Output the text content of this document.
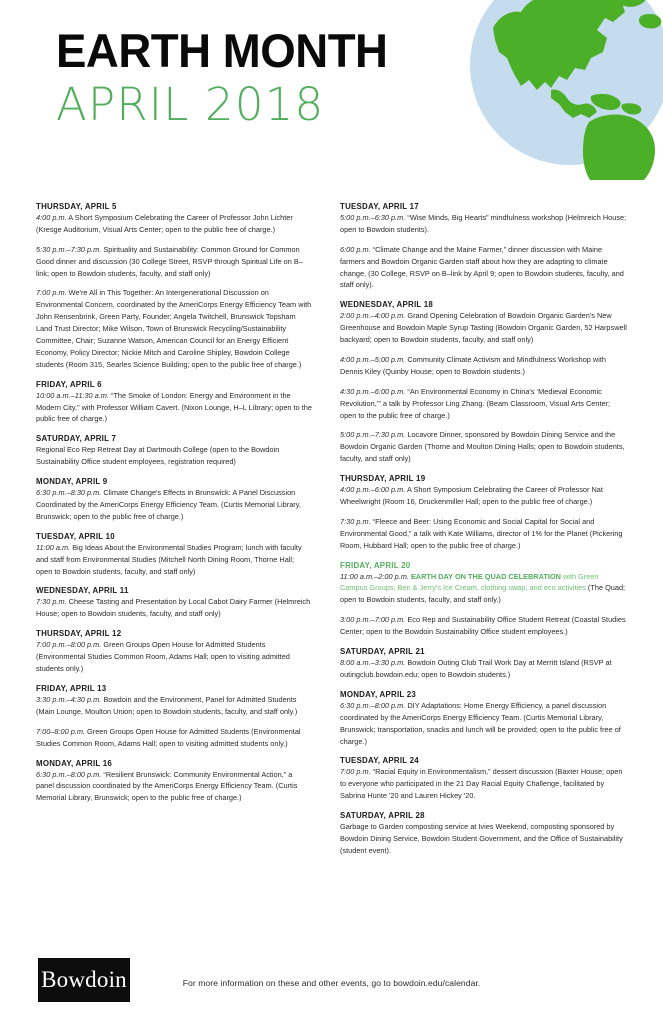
EARTH MONTH
APRIL 2018
THURSDAY, APRIL 5
4:00 p.m. A Short Symposium Celebrating the Career of Professor John Lichter (Kresge Auditorium, Visual Arts Center; open to the public free of charge.)
5:30 p.m.–7:30 p.m. Spirituality and Sustainability: Common Ground for Common Good dinner and discussion (30 College Street, RSVP through Spiritual Life on B–link; open to Bowdoin students, faculty, and staff only)
7:00 p.m. We're All in This Together: An Intergenerational Discussion on Environmental Concern, coordinated by the AmeriCorps Energy Efficiency Team with John Rensenbrink, Green Party, Founder; Angela Twitchell, Brunswick Topsham Land Trust Director; Mike Wilson, Town of Brunswick Recycling/Sustainability Committee, Chair; Suzanne Watson, American Council for an Energy Efficient Economy, Policy Director; Nickie Mitch and Caroline Shipley, Bowdoin College students (Room 315, Searles Science Building; open to the public free of charge.)
FRIDAY, APRIL 6
10:00 a.m.–11:30 a.m. “The Smoke of London: Energy and Environment in the Modern City,” with Professor William Cavert. (Nixon Lounge, H–L Library; open to the public free of charge.)
SATURDAY, APRIL 7
Regional Eco Rep Retreat Day at Dartmouth College (open to the Bowdoin Sustainability Office student employees, registration required)
MONDAY, APRIL 9
6:30 p.m.–8:30 p.m. Climate Change's Effects in Brunswick: A Panel Discussion Coordinated by the AmeriCorps Energy Efficiency Team. (Curtis Memorial Library, Brunswick; open to the public free of charge.)
TUESDAY, APRIL 10
11:00 a.m. Big Ideas About the Environmental Studies Program; lunch with faculty and staff from Environmental Studies (Mitchell North Dining Room, Thorne Hall; open to Bowdoin students, faculty, and staff only)
WEDNESDAY, APRIL 11
7:30 p.m. Cheese Tasting and Presentation by Local Cabot Dairy Farmer (Helmreich House; open to Bowdoin students, faculty, and staff only)
THURSDAY, APRIL 12
7:00 p.m.–8:00 p.m. Green Groups Open House for Admitted Students (Environmental Studies Common Room, Adams Hall; open to visiting admitted students only.)
FRIDAY, APRIL 13
3:30 p.m.–4:30 p.m. Bowdoin and the Environment, Panel for Admitted Students (Main Lounge, Moulton Union; open to Bowdoin students, faculty, and staff only.)
7:00–8:00 p.m. Green Groups Open House for Admitted Students (Environmental Studies Common Room, Adams Hall; open to visiting admitted students only.)
MONDAY, APRIL 16
6:30 p.m.–8:00 p.m. “Resilient Brunswick: Community Environmental Action,” a panel discussion coordinated by the AmeriCorps Energy Efficiency Team. (Curtis Memorial Library, Brunswick; open to the public free of charge.)
TUESDAY, APRIL 17
5:00 p.m.–6:30 p.m. “Wise Minds, Big Hearts” mindfulness workshop (Helmreich House; open to Bowdoin students).
6:00 p.m. “Climate Change and the Maine Farmer,” dinner discussion with Maine farmers and Bowdoin Organic Garden staff about how they are adapting to climate change, (30 College, RSVP on B–link by April 9; open to Bowdoin students, faculty, and staff only).
WEDNESDAY, APRIL 18
2:00 p.m.–4:00 p.m. Grand Opening Celebration of Bowdoin Organic Garden's New Greenhouse and Bowdoin Maple Syrup Tasting (Bowdoin Organic Garden, 52 Harpswell backyard; open to Bowdoin students, faculty, and staff only)
4:00 p.m.–5:00 p.m. Community Climate Activism and Mindfulness Workshop with Dennis Kiley (Quinby House; open to Bowdoin students.)
4:30 p.m.–6:00 p.m. “An Environmental Economy in China's ‘Medieval Economic Revolution,’” a talk by Professor Ling Zhang. (Beam Classroom, Visual Arts Center; open to the public free of charge.)
5:00 p.m.–7:30 p.m. Locavore Dinner, sponsored by Bowdoin Dining Service and the Bowdoin Organic Garden (Thorne and Moulton Dining Halls; open to Bowdoin students, faculty, and staff only)
THURSDAY, APRIL 19
4:00 p.m.–6:00 p.m. A Short Symposium Celebrating the Career of Professor Nat Wheelwright (Room 16, Druckenmiller Hall; open to the public free of charge.)
7:30 p.m. “Fleece and Beer: Using Economic and Social Capital for Social and Environmental Good,” a talk with Kate Williams, director of 1% for the Planet (Pickering Room, Hubbard Hall; open to the public free of charge.)
FRIDAY, APRIL 20
11:00 a.m.–2:00 p.m. EARTH DAY ON THE QUAD CELEBRATION with Green Campus Groups, Ben & Jerry's Ice Cream, clothing swap, and eco activities (The Quad; open to Bowdoin students, faculty, and staff only.)
3:00 p.m.–7:00 p.m. Eco Rep and Sustainability Office Student Retreat (Coastal Studies Center; open to the Bowdoin Sustainability Office student employees.)
SATURDAY, APRIL 21
8:00 a.m.–3:30 p.m. Bowdoin Outing Club Trail Work Day at Merritt Island (RSVP at outingclub.bowdoin.edu; open to Bowdoin students.)
MONDAY, APRIL 23
6:30 p.m.–8:00 p.m. DIY Adaptations: Home Energy Efficiency, a panel discussion coordinated by the AmeriCorps Energy Efficiency Team. (Curtis Memorial Library, Brunswick; transportation, snacks and lunch will be provided; open to the public free of charge.)
TUESDAY, APRIL 24
7:00 p.m. “Racial Equity in Environmentalism,” dessert discussion (Baxter House; open to everyone who participated in the 21 Day Racial Equity Challenge, facilitated by Sabrina Hunte '20 and Lauren Hickey '20.
SATURDAY, APRIL 28
Garbage to Garden composting service at Ivies Weekend, composting sponsored by Bowdoin Dining Service, Bowdoin Student Government, and the Office of Sustainability (student event).
Bowdoin	For more information on these and other events, go to bowdoin.edu/calendar.
